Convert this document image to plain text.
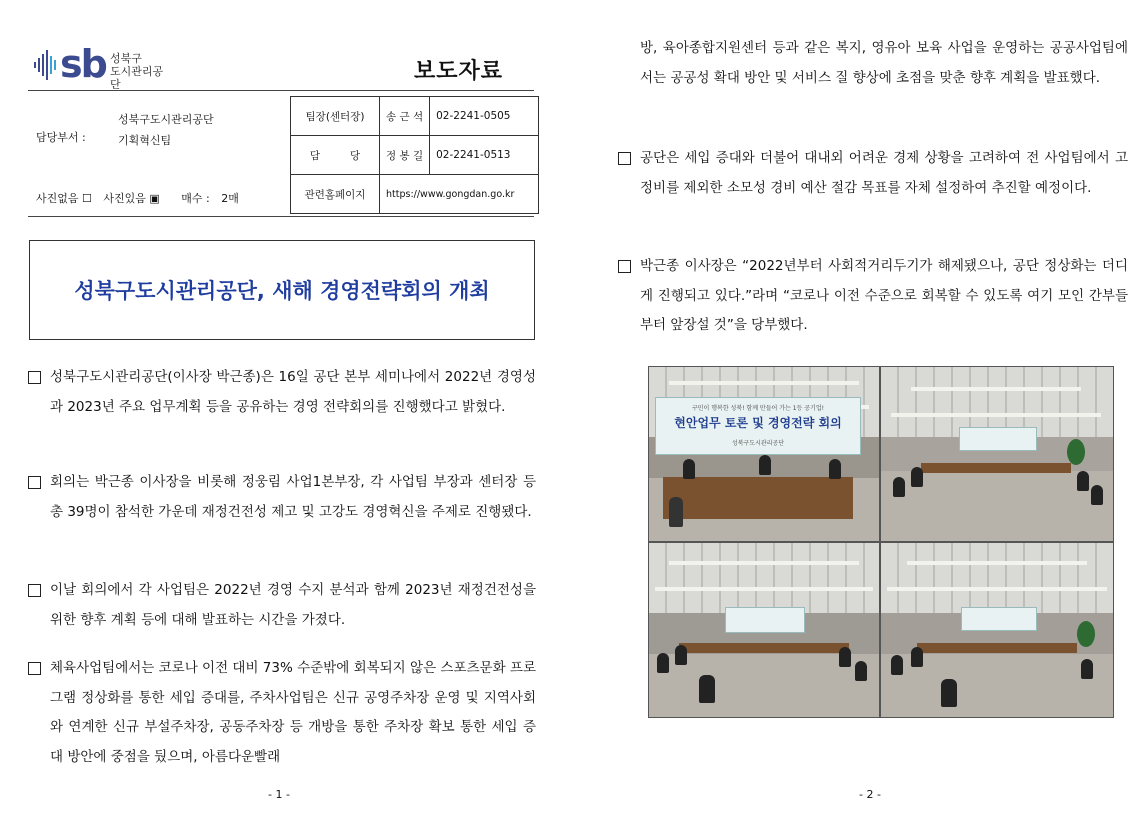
sb 성북구
도시관리공단
보도자료
성북구도시관리공단
담당부서 :	기획혁신팀
사진없음 ☐ 사진있음 ▣ 매수 : 2매
팀장(센터장)	송 근 석	02-2241-0505
담         당	정 봉 길	02-2241-0513
관련홈페이지	https://www.gongdan.go.kr	
성북구도시관리공단, 새해 경영전략회의 개최
성북구도시관리공단(이사장 박근종)은 16일 공단 본부 세미나에서 2022년 경영성과 2023년 주요 업무계획 등을 공유하는 경영 전략회의를 진행했다고 밝혔다.
회의는 박근종 이사장을 비롯해 정웅림 사업1본부장, 각 사업팀 부장과 센터장 등 총 39명이 참석한 가운데 재정건전성 제고 및 고강도 경영혁신을 주제로 진행됐다.
이날 회의에서 각 사업팀은 2022년 경영 수지 분석과 함께 2023년 재정건전성을 위한 향후 계획 등에 대해 발표하는 시간을 가졌다.
체육사업팀에서는 코로나 이전 대비 73% 수준밖에 회복되지 않은 스포츠문화 프로그램 정상화를 통한 세입 증대를, 주차사업팀은 신규 공영주차장 운영 및 지역사회와 연계한 신규 부설주차장, 공동주차장 등 개방을 통한 주차장 확보 통한 세입 증대 방안에 중점을 뒀으며, 아름다운빨래
- 1 -
방, 육아종합지원센터 등과 같은 복지, 영유아 보육 사업을 운영하는 공공사업팀에서는 공공성 확대 방안 및 서비스 질 향상에 초점을 맞춘 향후 계획을 발표했다.
공단은 세입 증대와 더불어 대내외 어려운 경제 상황을 고려하여 전 사업팀에서 고정비를 제외한 소모성 경비 예산 절감 목표를 자체 설정하여 추진할 예정이다.
박근종 이사장은 “2022년부터 사회적거리두기가 해제됐으나, 공단 정상화는 더디게 진행되고 있다.”라며 “코로나 이전 수준으로 회복할 수 있도록 여기 모인 간부들부터 앞장설 것”을 당부했다.
- 2 -
구민이 행복한 성북! 함께 만들어 가는 1등 공기업!
현안업무 토론 및 경영전략 회의
성북구도시관리공단
